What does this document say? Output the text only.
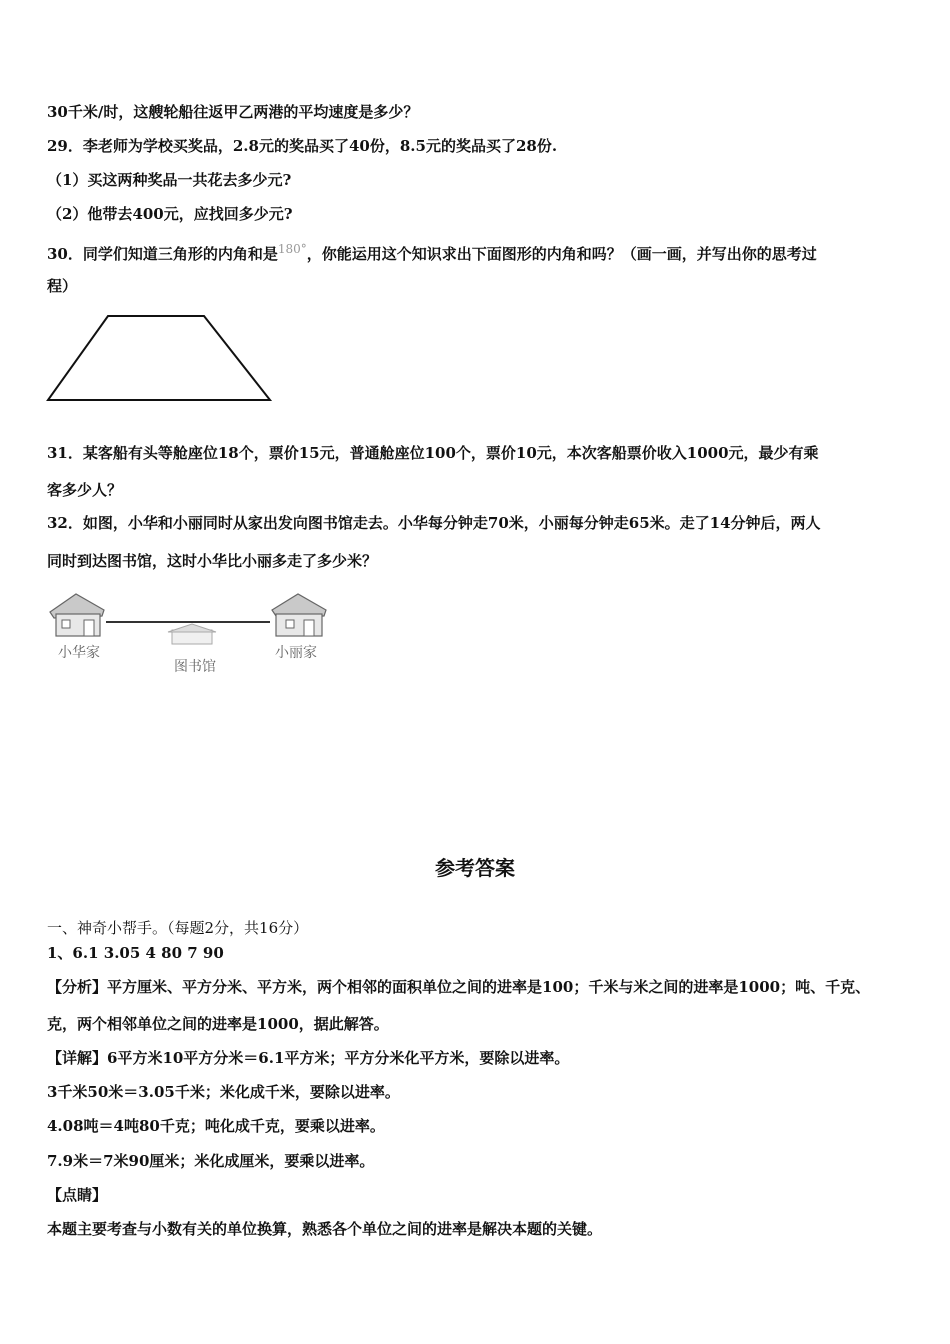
30千米/时，这艘轮船往返甲乙两港的平均速度是多少？
29．李老师为学校买奖品，2.8元的奖品买了40份，8.5元的奖品买了28份.
（1）买这两种奖品一共花去多少元?
（2）他带去400元，应找回多少元?
30．同学们知道三角形的内角和是$^{180^\circ}$，你能运用这个知识求出下面图形的内角和吗？（画一画，并写出你的思考过
程）
31．某客船有头等舱座位18个，票价15元，普通舱座位100个，票价10元，本次客船票价收入1000元，最少有乘
客多少人？
32．如图，小华和小丽同时从家出发向图书馆走去。小华每分钟走70米，小丽每分钟走65米。走了14分钟后，两人
同时到达图书馆，这时小华比小丽多走了多少米？
小华家
图书馆
小丽家
参考答案
一、神奇小帮手。（每题2分，共16分）
1、6.1 3.05 4 80 7 90
【分析】平方厘米、平方分米、平方米，两个相邻的面积单位之间的进率是100；千米与米之间的进率是1000；吨、千克、
克，两个相邻单位之间的进率是1000，据此解答。
【详解】6平方米10平方分米＝6.1平方米；平方分米化平方米，要除以进率。
3千米50米＝3.05千米；米化成千米，要除以进率。
4.08吨＝4吨80千克；吨化成千克，要乘以进率。
7.9米＝7米90厘米；米化成厘米，要乘以进率。
【点睛】
本题主要考查与小数有关的单位换算，熟悉各个单位之间的进率是解决本题的关键。
